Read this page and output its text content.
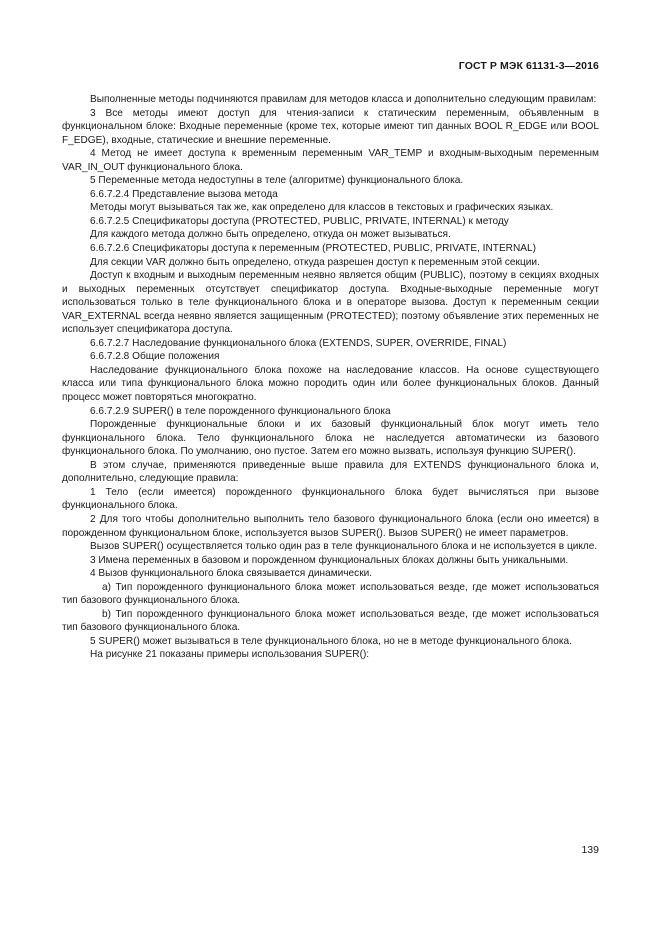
ГОСТ Р МЭК 61131-3—2016

Выполненные методы подчиняются правилам для методов класса и дополнительно следующим правилам:

3 Все методы имеют доступ для чтения-записи к статическим переменным, объявленным в функциональном блоке: Входные переменные (кроме тех, которые имеют тип данных BOOL R_EDGE или BOOL F_EDGE), входные, статические и внешние переменные.

4 Метод не имеет доступа к временным переменным VAR_TEMP и входным-выходным переменным VAR_IN_OUT функционального блока.

5 Переменные метода недоступны в теле (алгоритме) функционального блока.

6.6.7.2.4 Представление вызова метода

Методы могут вызываться так же, как определено для классов в текстовых и графических языках.

6.6.7.2.5 Спецификаторы доступа (PROTECTED, PUBLIC, PRIVATE, INTERNAL) к методу

Для каждого метода должно быть определено, откуда он может вызываться.

6.6.7.2.6 Спецификаторы доступа к переменным (PROTECTED, PUBLIC, PRIVATE, INTERNAL)

Для секции VAR должно быть определено, откуда разрешен доступ к переменным этой секции.

Доступ к входным и выходным переменным неявно является общим (PUBLIC), поэтому в секциях входных и выходных переменных отсутствует спецификатор доступа. Входные-выходные переменные могут использоваться только в теле функционального блока и в операторе вызова. Доступ к переменным секции VAR_EXTERNAL всегда неявно является защищенным (PROTECTED); поэтому объявление этих переменных не использует спецификатора доступа.

6.6.7.2.7 Наследование функционального блока (EXTENDS, SUPER, OVERRIDE, FINAL)

6.6.7.2.8 Общие положения

Наследование функционального блока похоже на наследование классов. На основе существующего класса или типа функционального блока можно породить один или более функциональных блоков. Данный процесс может повторяться многократно.

6.6.7.2.9 SUPER() в теле порожденного функционального блока

Порожденные функциональные блоки и их базовый функциональный блок могут иметь тело функционального блока. Тело функционального блока не наследуется автоматически из базового функционального блока. По умолчанию, оно пустое. Затем его можно вызвать, используя функцию SUPER().

В этом случае, применяются приведенные выше правила для EXTENDS функционального блока и, дополнительно, следующие правила:

1 Тело (если имеется) порожденного функционального блока будет вычисляться при вызове функционального блока.

2 Для того чтобы дополнительно выполнить тело базового функционального блока (если оно имеется) в порожденном функциональном блоке, используется вызов SUPER(). Вызов SUPER() не имеет параметров.

Вызов SUPER() осуществляется только один раз в теле функционального блока и не используется в цикле.

3 Имена переменных в базовом и порожденном функциональных блоках должны быть уникальными.

4 Вызов функционального блока связывается динамически.

a) Тип порожденного функционального блока может использоваться везде, где может использоваться тип базового функционального блока.

b) Тип порожденного функционального блока может использоваться везде, где может использоваться тип базового функционального блока.

5 SUPER() может вызываться в теле функционального блока, но не в методе функционального блока.

На рисунке 21 показаны примеры использования SUPER():

139
